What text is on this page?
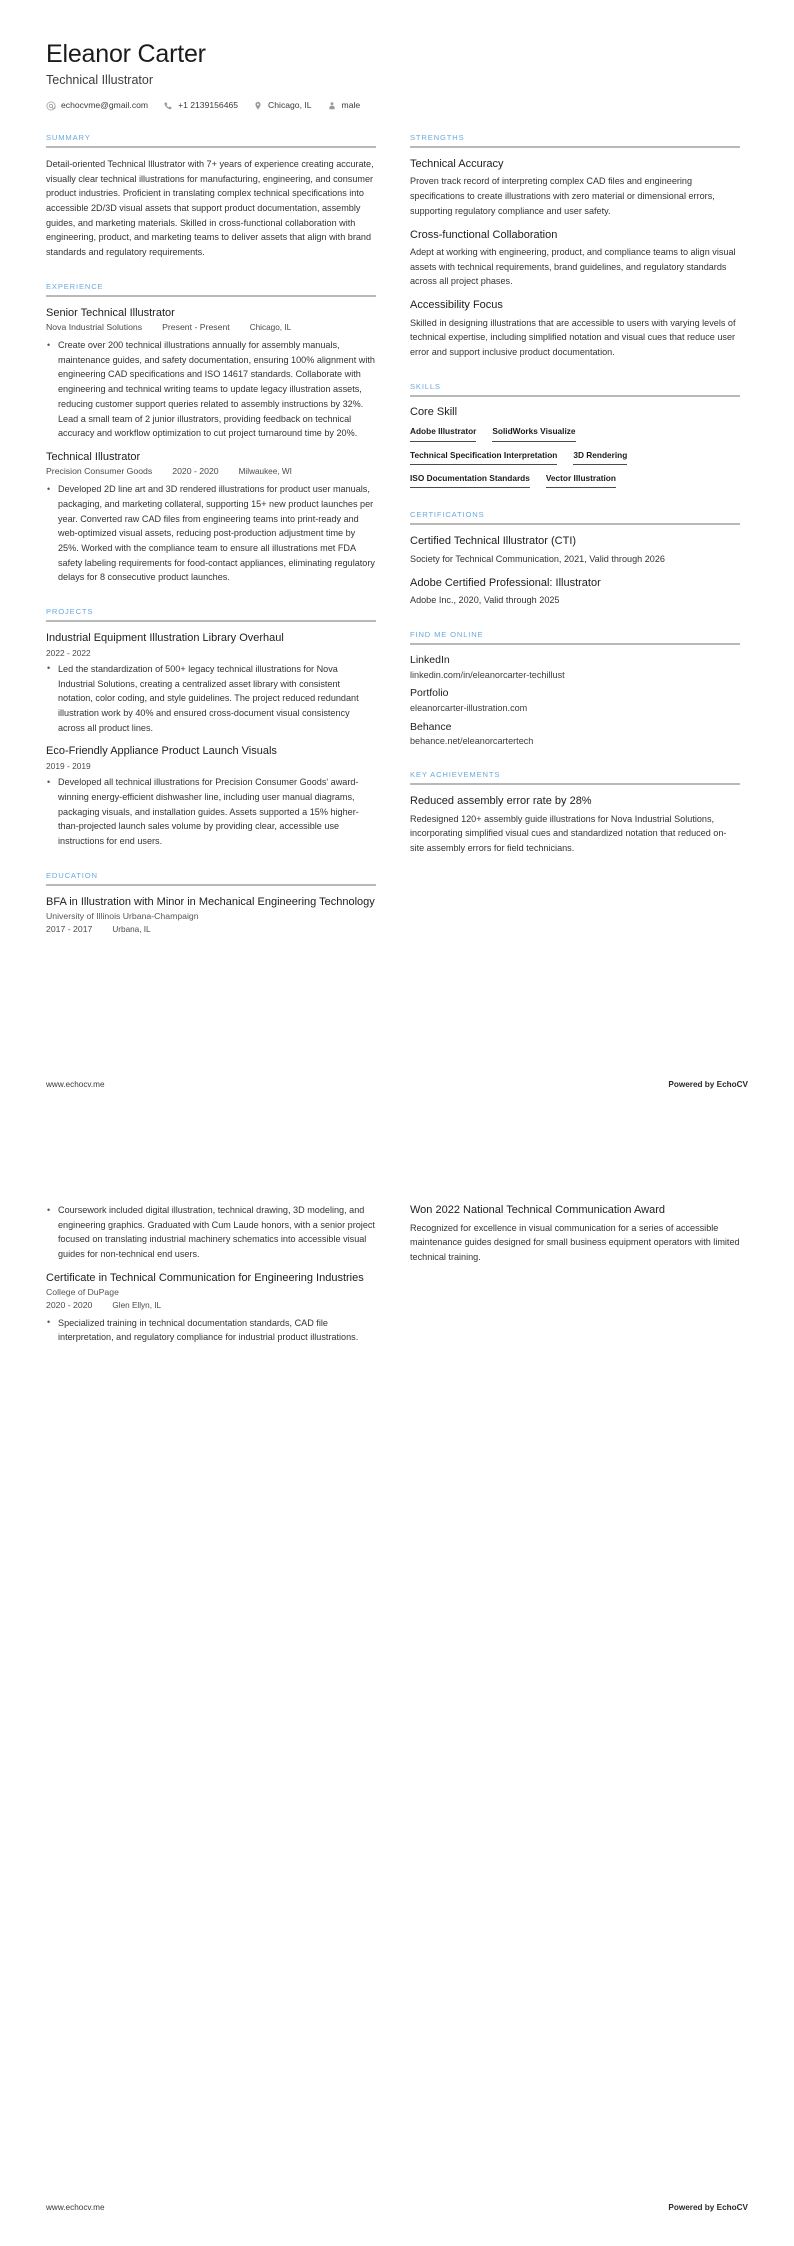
Eleanor Carter
Technical Illustrator
echocvme@gmail.com	+1 2139156465	Chicago, IL	male
SUMMARY

Detail-oriented Technical Illustrator with 7+ years of experience creating accurate, visually clear technical illustrations for manufacturing, engineering, and consumer product industries. Proficient in translating complex technical specifications into accessible 2D/3D visual assets that support product documentation, assembly guides, and marketing materials. Skilled in cross-functional collaboration with engineering, product, and marketing teams to deliver assets that align with brand standards and regulatory requirements.

EXPERIENCE
Senior Technical Illustrator
Nova Industrial Solutions Present - Present Chicago, IL
• Create over 200 technical illustrations annually for assembly manuals, maintenance guides, and safety documentation, ensuring 100% alignment with engineering CAD specifications and ISO 14617 standards. Collaborate with engineering and technical writing teams to update legacy illustration assets, reducing customer support queries related to assembly instructions by 32%. Lead a small team of 2 junior illustrators, providing feedback on technical accuracy and workflow optimization to cut project turnaround time by 20%.
Technical Illustrator
Precision Consumer Goods 2020 - 2020 Milwaukee, WI
• Developed 2D line art and 3D rendered illustrations for product user manuals, packaging, and marketing collateral, supporting 15+ new product launches per year. Converted raw CAD files from engineering teams into print-ready and web-optimized visual assets, reducing post-production adjustment time by 25%. Worked with the compliance team to ensure all illustrations met FDA safety labeling requirements for food-contact appliances, eliminating regulatory delays for 8 consecutive product launches.
PROJECTS
Industrial Equipment Illustration Library Overhaul
2022 - 2022
• Led the standardization of 500+ legacy technical illustrations for Nova Industrial Solutions, creating a centralized asset library with consistent notation, color coding, and style guidelines. The project reduced redundant illustration work by 40% and ensured cross-document visual consistency across all product lines.
Eco-Friendly Appliance Product Launch Visuals
2019 - 2019
• Developed all technical illustrations for Precision Consumer Goods' award-winning energy-efficient dishwasher line, including user manual diagrams, packaging visuals, and installation guides. Assets supported a 15% higher-than-projected launch sales volume by providing clear, accessible use instructions for end users.
EDUCATION
BFA in Illustration with Minor in Mechanical Engineering Technology
University of Illinois Urbana-Champaign
2017 - 2017 Urbana, IL
STRENGTHS
Technical Accuracy

Proven track record of interpreting complex CAD files and engineering specifications to create illustrations with zero material or dimensional errors, supporting regulatory compliance and user safety.

Cross-functional Collaboration

Adept at working with engineering, product, and compliance teams to align visual assets with technical requirements, brand guidelines, and regulatory standards across all project phases.

Accessibility Focus

Skilled in designing illustrations that are accessible to users with varying levels of technical expertise, including simplified notation and visual cues that reduce user error and support inclusive product documentation.

SKILLS
Core Skill
Adobe Illustrator SolidWorks Visualize
Technical Specification Interpretation 3D Rendering
ISO Documentation Standards Vector Illustration
CERTIFICATIONS
Certified Technical Illustrator (CTI)

Society for Technical Communication, 2021, Valid through 2026

Adobe Certified Professional: Illustrator

Adobe Inc., 2020, Valid through 2025

FIND ME ONLINE
LinkedIn
linkedin.com/in/eleanorcarter-techillust
Portfolio
eleanorcarter-illustration.com
Behance
behance.net/eleanorcartertech
KEY ACHIEVEMENTS
Reduced assembly error rate by 28%

Redesigned 120+ assembly guide illustrations for Nova Industrial Solutions, incorporating simplified visual cues and standardized notation that reduced on-site assembly errors for field technicians.

www.echocv.me	Powered by EchoCV
• Coursework included digital illustration, technical drawing, 3D modeling, and engineering graphics. Graduated with Cum Laude honors, with a senior project focused on translating industrial machinery schematics into accessible visual guides for non-technical end users.
Certificate in Technical Communication for Engineering Industries
College of DuPage
2020 - 2020 Glen Ellyn, IL
• Specialized training in technical documentation standards, CAD file interpretation, and regulatory compliance for industrial product illustrations.
Won 2022 National Technical Communication Award

Recognized for excellence in visual communication for a series of accessible maintenance guides designed for small business equipment operators with limited technical training.

www.echocv.me	Powered by EchoCV
